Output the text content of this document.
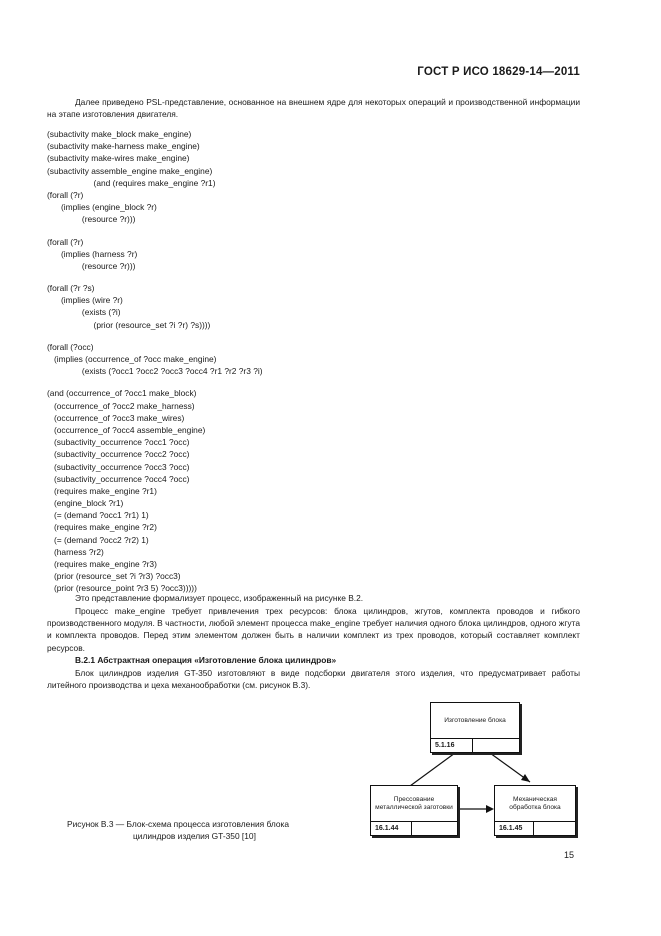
ГОСТ Р ИСО 18629-14—2011

Далее приведено PSL-представление, основанное на внешнем ядре для некоторых операций и производственной информации на этапе изготовления двигателя.

(subactivity make_block make_engine)
(subactivity make-harness make_engine)
(subactivity make-wires make_engine)
(subactivity assemble_engine make_engine)
(and (requires make_engine ?r1)
(forall (?r)
(implies (engine_block ?r)
(resource ?r)))
(forall (?r)
(implies (harness ?r)
(resource ?r)))
(forall (?r ?s)
(implies (wire ?r)
(exists (?i)
(prior (resource_set ?i ?r) ?s))))
(forall (?occ)
(implies (occurrence_of ?occ make_engine)
(exists (?occ1 ?occ2 ?occ3 ?occ4 ?r1 ?r2 ?r3 ?i)
(and (occurrence_of ?occ1 make_block)
(occurrence_of ?occ2 make_harness)
(occurrence_of ?occ3 make_wires)
(occurrence_of ?occ4 assemble_engine)
(subactivity_occurrence ?occ1 ?occ)
(subactivity_occurrence ?occ2 ?occ)
(subactivity_occurrence ?occ3 ?occ)
(subactivity_occurrence ?occ4 ?occ)
(requires make_engine ?r1)
(engine_block ?r1)
(= (demand ?occ1 ?r1) 1)
(requires make_engine ?r2)
(= (demand ?occ2 ?r2) 1)
(harness ?r2)
(requires make_engine ?r3)
(prior (resource_set ?i ?r3) ?occ3)
(prior (resource_point ?r3 5) ?occ3)))))

Это представление формализует процесс, изображенный на рисунке В.2.

Процесс make_engine требует привлечения трех ресурсов: блока цилиндров, жгутов, комплекта проводов и гибкого производственного модуля. В частности, любой элемент процесса make_engine требует наличия одного блока цилиндров, одного жгута и комплекта проводов. Перед этим элементом должен быть в наличии комплект из трех проводов, который составляет комплект ресурсов.

В.2.1 Абстрактная операция «Изготовление блока цилиндров»

Блок цилиндров изделия GT-350 изготовляют в виде подсборки двигателя этого изделия, что предусматривает работы литейного производства и цеха механообработки (см. рисунок В.3).

Изготовление блока
5.1.16
Прессование металлической заготовки
16.1.44
Механическая обработка блока
16.1.45
Рисунок В.3 — Блок-схема процесса изготовления блока
цилиндров изделия GT-350 [10]
15
